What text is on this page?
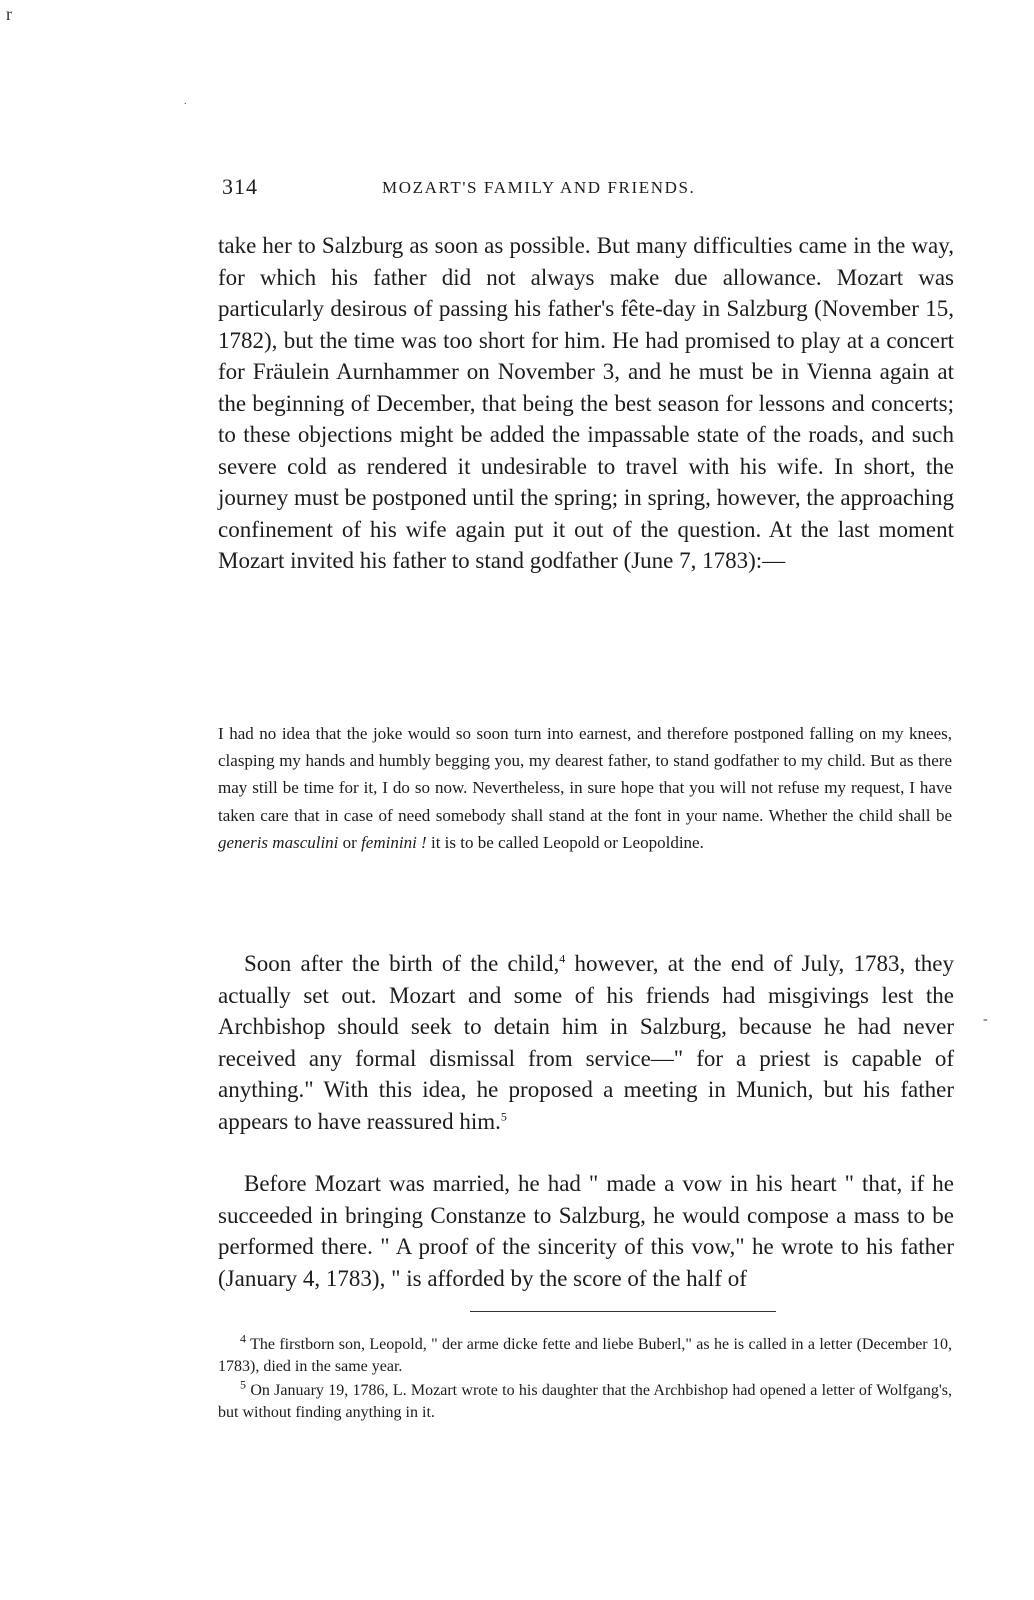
r
.
-
314	MOZART'S FAMILY AND FRIENDS.

take her to Salzburg as soon as possible. But many difficulties came in the way, for which his father did not always make due allowance. Mozart was particularly desirous of passing his father's fête-day in Salzburg (November 15, 1782), but the time was too short for him. He had promised to play at a concert for Fräulein Aurnhammer on November 3, and he must be in Vienna again at the beginning of December, that being the best season for lessons and concerts; to these objections might be added the impassable state of the roads, and such severe cold as rendered it undesirable to travel with his wife. In short, the journey must be postponed until the spring; in spring, however, the approaching confinement of his wife again put it out of the question. At the last moment Mozart invited his father to stand godfather (June 7, 1783):—

I had no idea that the joke would so soon turn into earnest, and therefore postponed falling on my knees, clasping my hands and humbly begging you, my dearest father, to stand godfather to my child. But as there may still be time for it, I do so now. Nevertheless, in sure hope that you will not refuse my request, I have taken care that in case of need somebody shall stand at the font in your name. Whether the child shall be generis masculini or feminini ! it is to be called Leopold or Leopoldine.

Soon after the birth of the child,$^4$ however, at the end of July, 1783, they actually set out. Mozart and some of his friends had misgivings lest the Archbishop should seek to detain him in Salzburg, because he had never received any formal dismissal from service—" for a priest is capable of anything." With this idea, he proposed a meeting in Munich, but his father appears to have reassured him.$^5$

Before Mozart was married, he had " made a vow in his heart " that, if he succeeded in bringing Constanze to Salzburg, he would compose a mass to be performed there. " A proof of the sincerity of this vow," he wrote to his father (January 4, 1783), " is afforded by the score of the half of

$^4$ The firstborn son, Leopold, " der arme dicke fette and liebe Buberl," as he is called in a letter (December 10, 1783), died in the same year.
$^5$ On January 19, 1786, L. Mozart wrote to his daughter that the Archbishop had opened a letter of Wolfgang's, but without finding anything in it.
